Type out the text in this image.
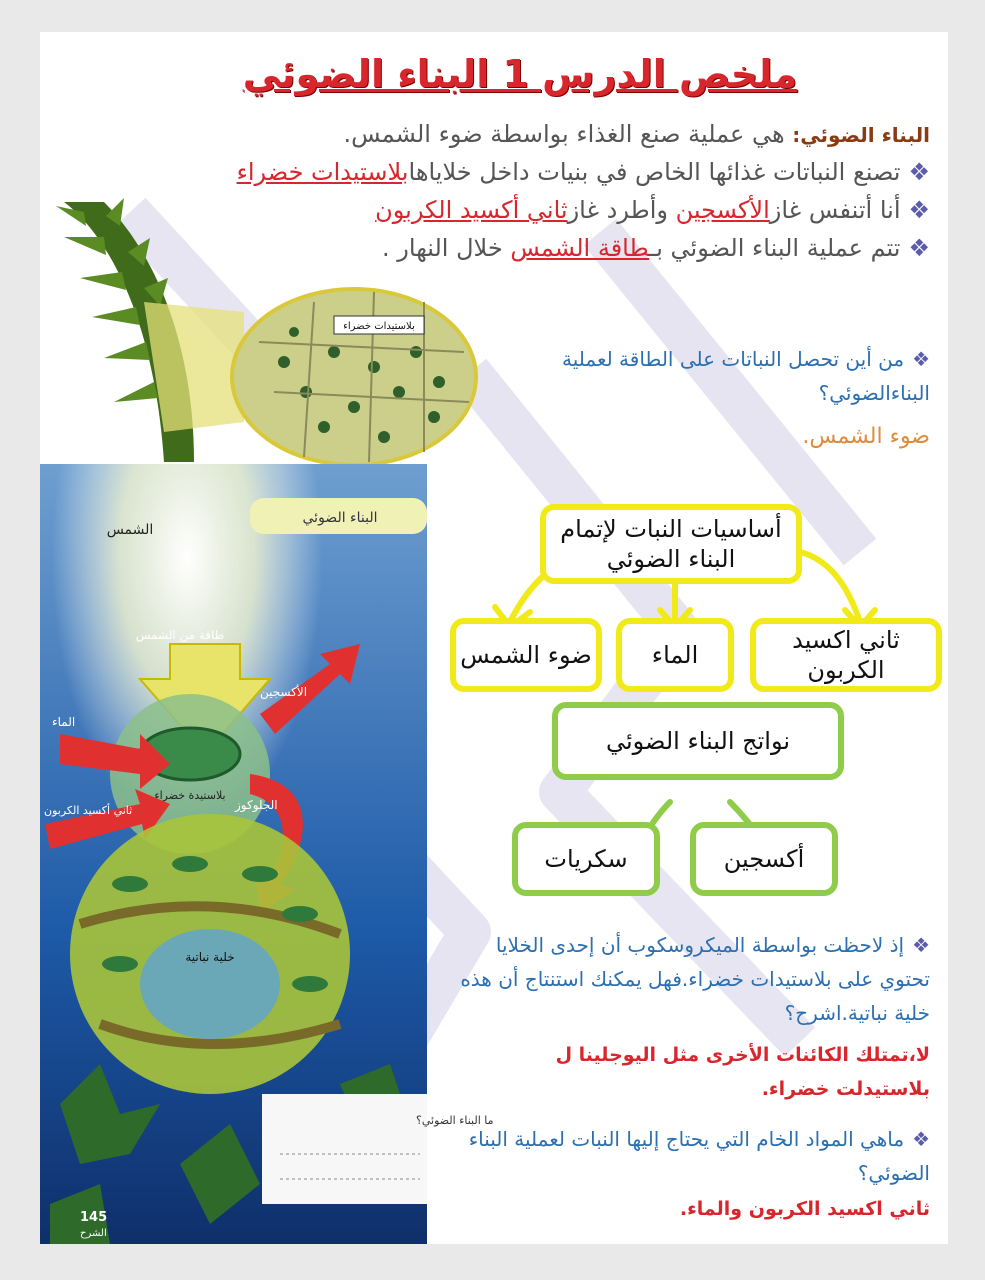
ملخص الدرس 1 البناء الضوئي
البناء الضوئي: هي عملية صنع الغذاء بواسطة ضوء الشمس.
❖تصنع النباتات غذائها الخاص في بنيات داخل خلاياهابلاستيدات خضراء
❖أنا أتنفس غازالأكسجين وأطرد غازثاني أكسيد الكربون
❖تتم عملية البناء الضوئي بـطاقة الشمس خلال النهار .
بلاستيدات خضراء
❖من أين تحصل النباتات على الطاقة لعملية البناءالضوئي؟
ضوء الشمس.
البناء الضوئي
الشمس
طاقة من الشمس
بلاستيدة خضراء
الماء
ثاني أكسيد الكربون
الأكسجين
الجلوكوز
خلية نباتية
ما البناء الضوئي؟
145
الشرح
أساسيات النبات لإتمام البناء الضوئي
ضوء الشمس	الماء
ثاني اكسيد الكربون
نواتج البناء الضوئي
سكريات	أكسجين
❖إذ لاحظت بواسطة الميكروسكوب أن إحدى الخلايا تحتوي على بلاستيدات خضراء.فهل يمكنك استنتاج أن هذه خلية نباتية.اشرح؟
لا،تمتلك الكائنات الأخرى مثل اليوجلينا ل بلاستيدلت خضراء.
❖ماهي المواد الخام التي يحتاج إليها النبات لعملية البناء الضوئي؟
ثاني اكسيد الكربون والماء.
